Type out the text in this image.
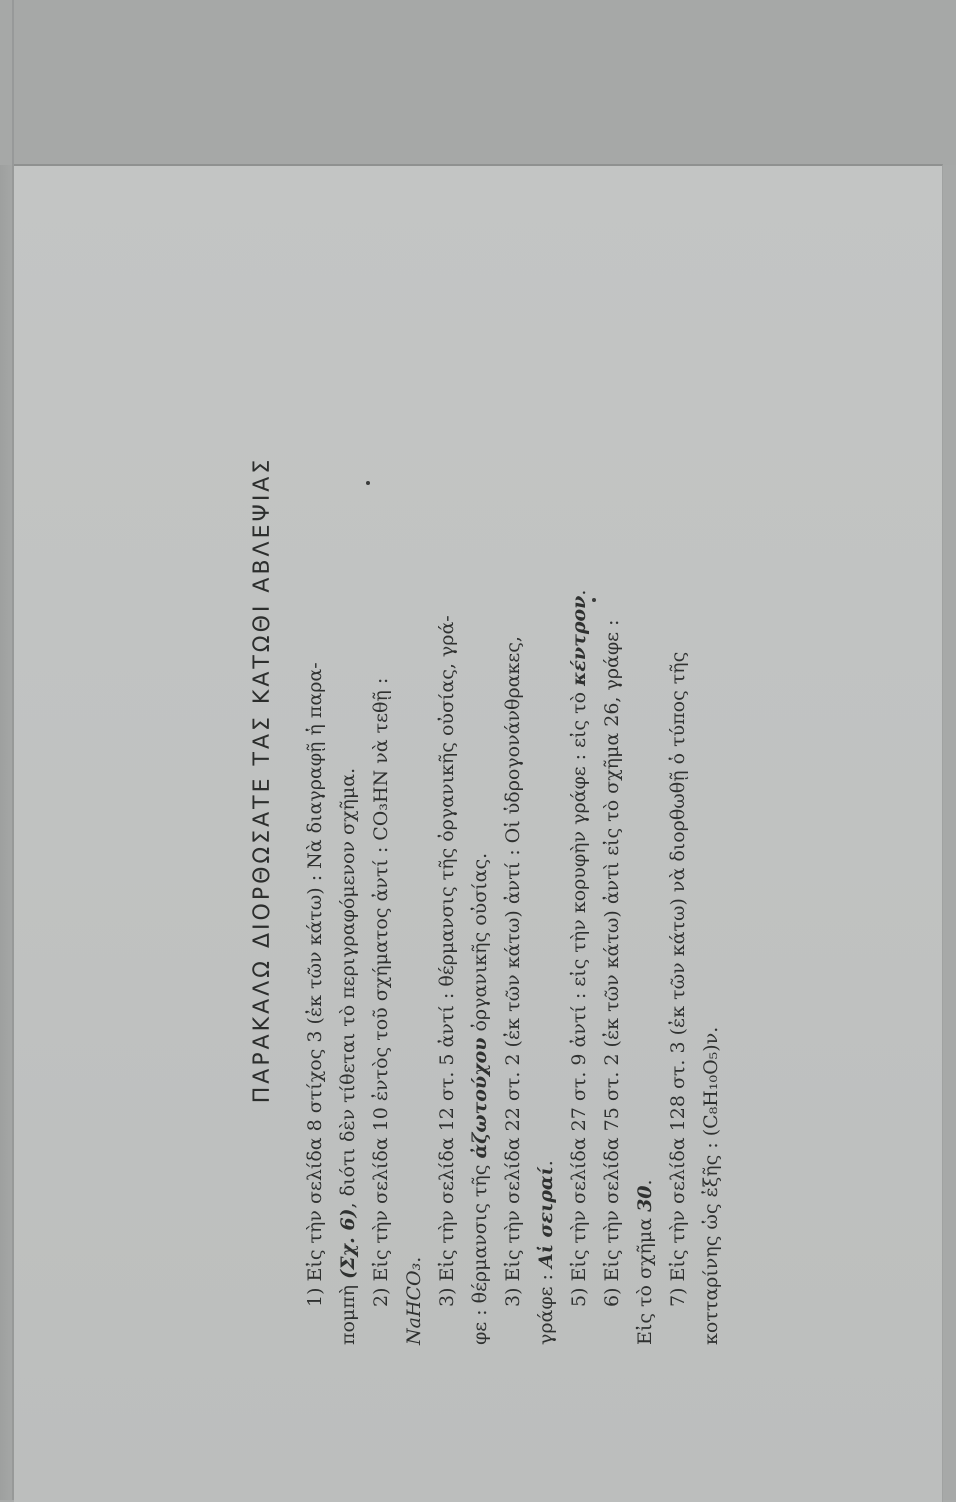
ΠΑΡΑΚΑΛΩ ΔΙΟΡΘΩΣΑΤΕ ΤΑΣ ΚΑΤΩΘΙ ΑΒΛΕΨΙΑΣ 1) Εἰς τὴν σελίδα 8 στίχος 3 (ἐκ τῶν κάτω) : Νὰ διαγραφῇ ἡ παρα-
πομπὴ (Σχ. 6), διότι δὲν τίθεται τὸ περιγραφόμενον σχῆμα. 2) Εἰς τὴν σελίδα 10 ἐντὸς τοῦ σχήματος ἀντί : CO₃HN νὰ τεθῇ : NaHCO₃. 3) Εἰς τὴν σελίδα 12 στ. 5 ἀντί : θέρμανσις τῆς ὀργανικῆς οὐσίας, γρά- φε : θέρμανσις τῆς ἀζωτούχου ὀργανικῆς οὐσίας. 3) Εἰς τὴν σελίδα 22 στ. 2 (ἐκ τῶν κάτω) ἀντί : Οἱ ὑδρογονάνθρακες, γράφε : Αἱ σειραί. 5) Εἰς τὴν σελίδα 27 στ. 9 ἀντί : εἰς τὴν κορυφὴν γράφε : εἰς τὸ κέντρον.

6) Εἰς τὴν σελίδα 75 στ. 2 (ἐκ τῶν κάτω) ἀντὶ εἰς τὸ σχῆμα 26, γράφε : Εἰς τὸ σχῆμα 30. 7) Εἰς τὴν σελίδα 128 στ. 3 (ἐκ τῶν κάτω) νὰ διορθωθῇ ὁ τύπος τῆς κοτταρίνης ὡς ἑξῆς : (C₈H₁₀O₅)ν.
